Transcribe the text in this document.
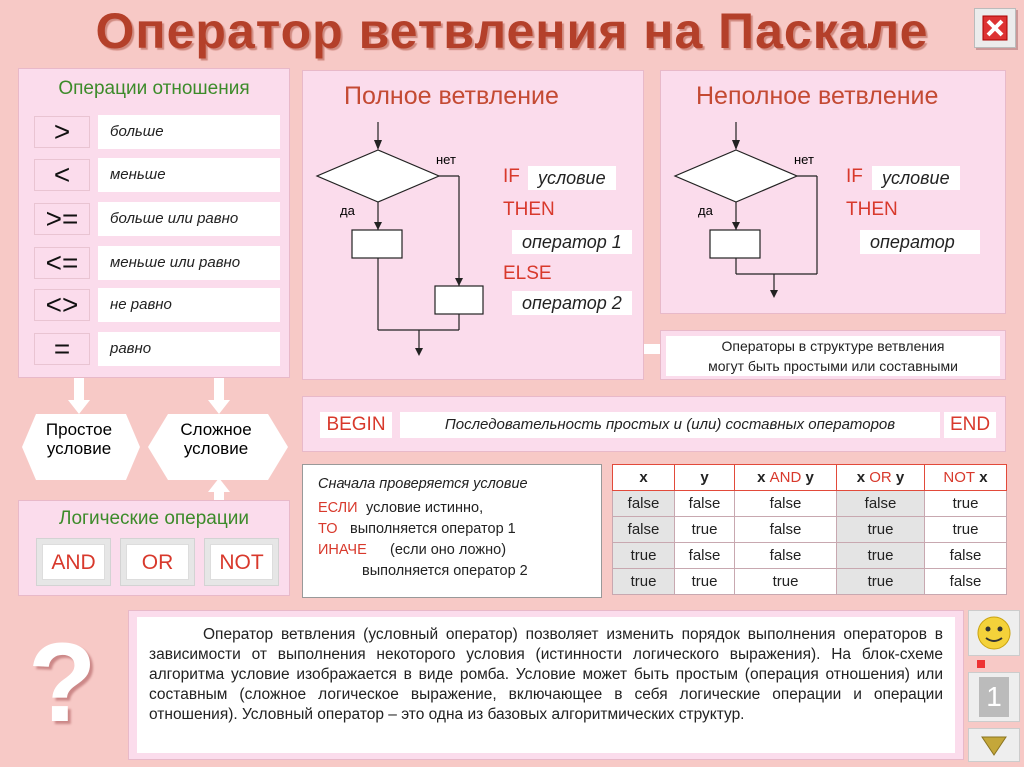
Оператор ветвления на Паскале
Операции отношения
>	больше
<	меньше
>=	больше или равно
<=	меньше или равно
<>	не равно
=	равно
Простое условие
Сложное условие
Логические операции
AND	OR	NOT
Полное ветвление
нет
да
IF	условие
THEN
оператор 1
ELSE
оператор 2
Неполное ветвление
нет
да
IF	условие
THEN
оператор
Операторы в структуре ветвления
могут быть простыми или составными
BEGIN	Последовательность простых и (или) составных операторов	END
Сначала проверяется условие
ЕСЛИ условие истинно,
ТО выполняется оператор 1
ИНАЧЕ (если оно ложно)
выполняется оператор 2
x	y	x AND y	x OR y	NOT x
false	false	false	false	true
false	true	false	true	true
true	false	false	true	false
true	true	true	true	false
?	Оператор ветвления (условный оператор) позволяет изменить порядок выполнения операторов в зависимости от выполнения некоторого условия (истинности логического выражения). На блок-схеме алгоритма условие изображается в виде ромба. Условие может быть простым (операция отношения) или составным (сложное логическое выражение, включающее в себя логические операции и операции отношения). Условный оператор – это одна из базовых алгоритмических структур.
1
